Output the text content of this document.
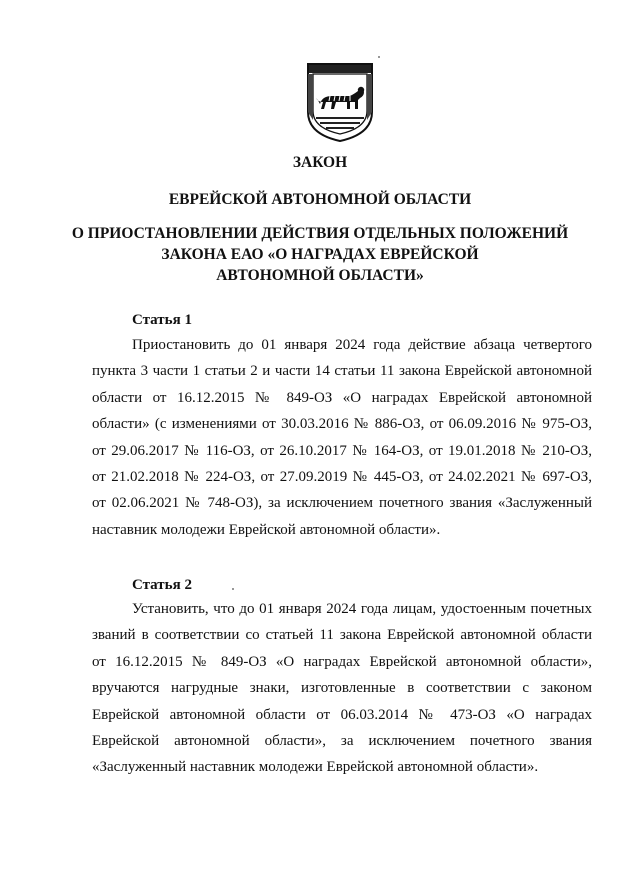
ЗАКОН
ЕВРЕЙСКОЙ АВТОНОМНОЙ ОБЛАСТИ
О ПРИОСТАНОВЛЕНИИ ДЕЙСТВИЯ ОТДЕЛЬНЫХ ПОЛОЖЕНИЙ
ЗАКОНА ЕАО «О НАГРАДАХ ЕВРЕЙСКОЙ
АВТОНОМНОЙ ОБЛАСТИ»
Статья 1

Приостановить до 01 января 2024 года действие абзаца четвертого
пункта 3 части 1 статьи 2 и части 14 статьи 11 закона Еврейской автономной
области от 16.12.2015 № 849-ОЗ «О наградах Еврейской автономной
области» (с изменениями от 30.03.2016 № 886-ОЗ, от 06.09.2016 № 975-ОЗ,
от 29.06.2017 № 116-ОЗ, от 26.10.2017 № 164-ОЗ, от 19.01.2018 № 210-ОЗ,
от 21.02.2018 № 224-ОЗ, от 27.09.2019 № 445-ОЗ, от 24.02.2021 № 697-ОЗ,
от 02.06.2021 № 748-ОЗ), за исключением почетного звания «Заслуженный
наставник молодежи Еврейской автономной области».

Статья 2

Установить, что до 01 января 2024 года лицам, удостоенным почетных
званий в соответствии со статьей 11 закона Еврейской автономной области
от 16.12.2015 № 849-ОЗ «О наградах Еврейской автономной области»,
вручаются нагрудные знаки, изготовленные в соответствии с законом
Еврейской автономной области от 06.03.2014 № 473-ОЗ «О наградах
Еврейской автономной области», за исключением почетного звания
«Заслуженный наставник молодежи Еврейской автономной области».
